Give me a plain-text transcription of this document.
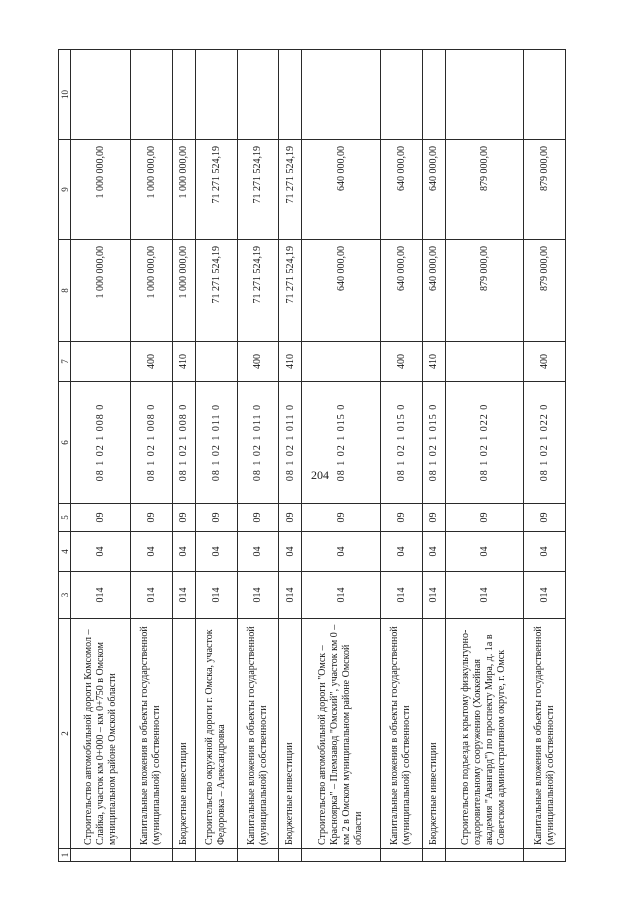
204
1	2	3	4	5	6	7	8	9	10
	Строительство автомобильной дороги Комсомол – Слайка, участок км 0+000 – км 0+750 в Омском муниципальном районе Омской области	014	04	09	08 1 02 1 008 0		1 000 000,00	1 000 000,00	
	Капитальные вложения в объекты государственной (муниципальной) собственности	014	04	09	08 1 02 1 008 0	400	1 000 000,00	1 000 000,00	
	Бюджетные инвестиции	014	04	09	08 1 02 1 008 0	410	1 000 000,00	1 000 000,00	
	Строительство окружной дороги г. Омска, участок Федоровка – Александровка	014	04	09	08 1 02 1 011 0		71 271 524,19	71 271 524,19	
	Капитальные вложения в объекты государственной (муниципальной) собственности	014	04	09	08 1 02 1 011 0	400	71 271 524,19	71 271 524,19	
	Бюджетные инвестиции	014	04	09	08 1 02 1 011 0	410	71 271 524,19	71 271 524,19	
	Строительство автомобильной дороги "Омск – Красноярка" – Племзавод "Омский", участок км 0 – км 2 в Омском муниципальном районе Омской области	014	04	09	08 1 02 1 015 0		640 000,00	640 000,00	
	Капитальные вложения в объекты государственной (муниципальной) собственности	014	04	09	08 1 02 1 015 0	400	640 000,00	640 000,00	
	Бюджетные инвестиции	014	04	09	08 1 02 1 015 0	410	640 000,00	640 000,00	
	Строительство подъезда к крытому физкультурно-оздоровительному сооружению (Хоккейная академия "Авангард") по проспекту Мира, д. 1а в Советском административном округе, г. Омск	014	04	09	08 1 02 1 022 0		879 000,00	879 000,00	
	Капитальные вложения в объекты государственной (муниципальной) собственности	014	04	09	08 1 02 1 022 0	400	879 000,00	879 000,00	
